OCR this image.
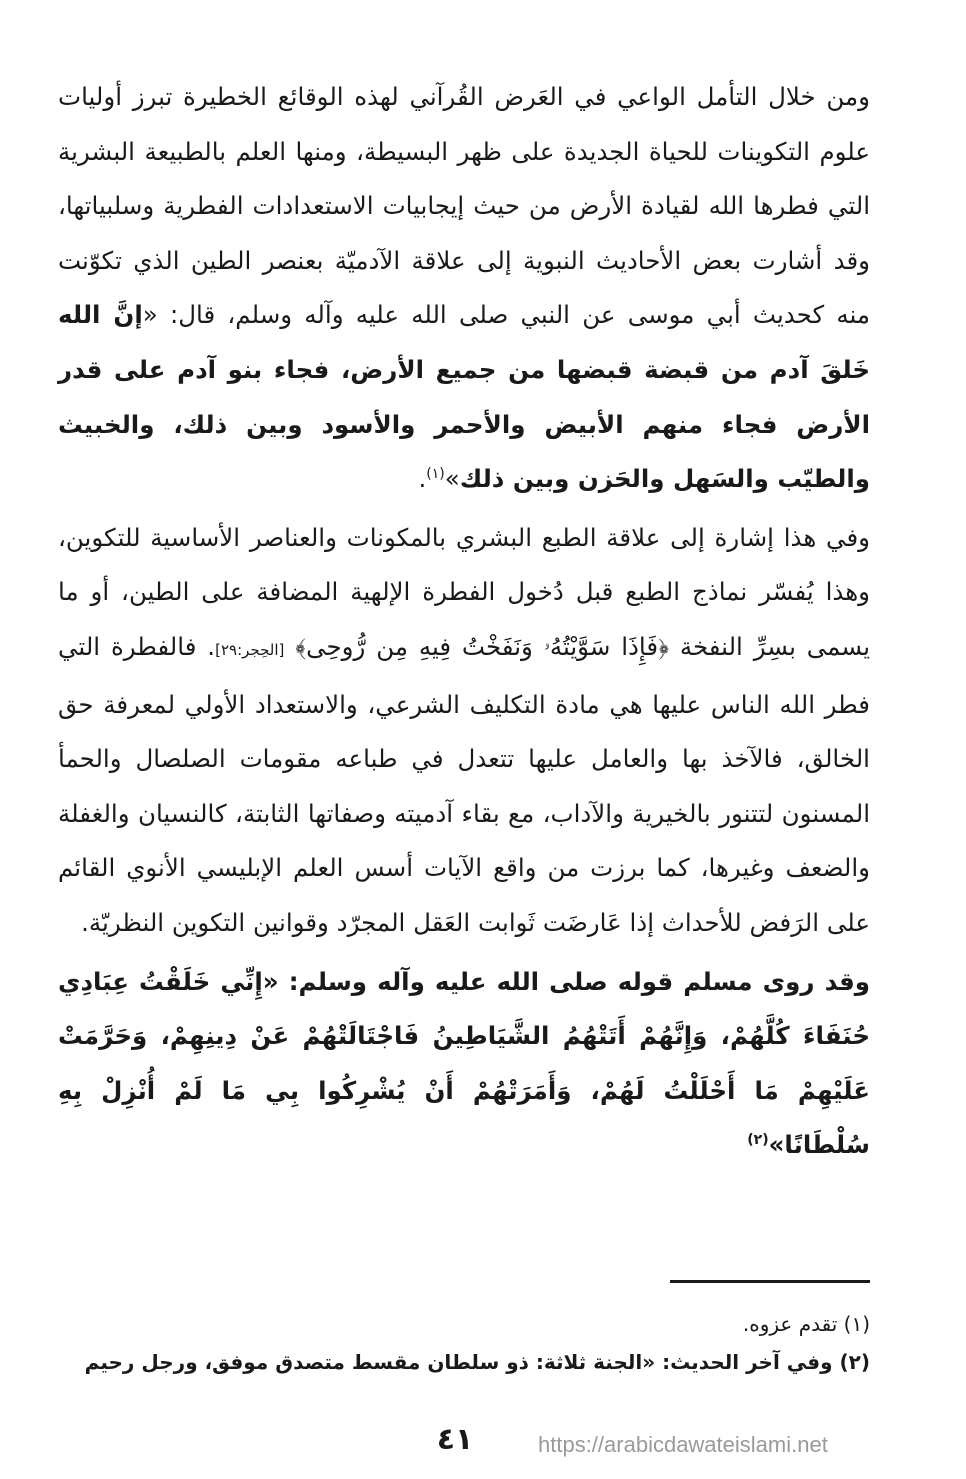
ومن خلال التأمل الواعي في العَرض القُرآني لهذه الوقائع الخطيرة تبرز أوليات علوم التكوينات للحياة الجديدة على ظهر البسيطة، ومنها العلم بالطبيعة البشرية التي فطرها الله لقيادة الأرض من حيث إيجابيات الاستعدادات الفطرية وسلبياتها، وقد أشارت بعض الأحاديث النبوية إلى علاقة الآدميّة بعنصر الطين الذي تكوّنت منه كحديث أبي موسى عن النبي صلى الله عليه وآله وسلم، قال: «إنَّ الله خَلقَ آدم من قبضة قبضها من جميع الأرض، فجاء بنو آدم على قدر الأرض فجاء منهم الأبيض والأحمر والأسود وبين ذلك، والخبيث والطيّب والسَهل والحَزن وبين ذلك»$^{(١)}$.

وفي هذا إشارة إلى علاقة الطبع البشري بالمكونات والعناصر الأساسية للتكوين، وهذا يُفسّر نماذج الطبع قبل دُخول الفطرة الإلهية المضافة على الطين، أو ما يسمى بسِرِّ النفخة ﴿فَإِذَا سَوَّيْتُهُۥ وَنَفَخْتُ فِيهِ مِن رُّوحِى﴾ [الحِجر:٢٩]. فالفطرة التي فطر الله الناس عليها هي مادة التكليف الشرعي، والاستعداد الأولي لمعرفة حق الخالق، فالآخذ بها والعامل عليها تتعدل في طباعه مقومات الصلصال والحمأ المسنون لتتنور بالخيرية والآداب، مع بقاء آدميته وصفاتها الثابتة، كالنسيان والغفلة والضعف وغيرها، كما برزت من واقع الآيات أسس العلم الإبليسي الأنوي القائم على الرَفض للأحداث إذا عَارضَت ثَوابت العَقل المجرّد وقوانين التكوين النظريّة.

وقد روى مسلم قوله صلى الله عليه وآله وسلم: «إِنِّي خَلَقْتُ عِبَادِي حُنَفَاءَ كُلَّهُمْ، وَإِنَّهُمْ أَتَتْهُمُ الشَّيَاطِينُ فَاجْتَالَتْهُمْ عَنْ دِينِهِمْ، وَحَرَّمَتْ عَلَيْهِمْ مَا أَحْلَلْتُ لَهُمْ، وَأَمَرَتْهُمْ أَنْ يُشْرِكُوا بِي مَا لَمْ أُنْزِلْ بِهِ سُلْطَانًا»$^{(٢)}$

(١) تقدم عزوه.
(٢) وفي آخر الحديث: «الجنة ثلاثة: ذو سلطان مقسط متصدق موفق، ورجل رحيم
٤١	https://arabicdawateislami.net
